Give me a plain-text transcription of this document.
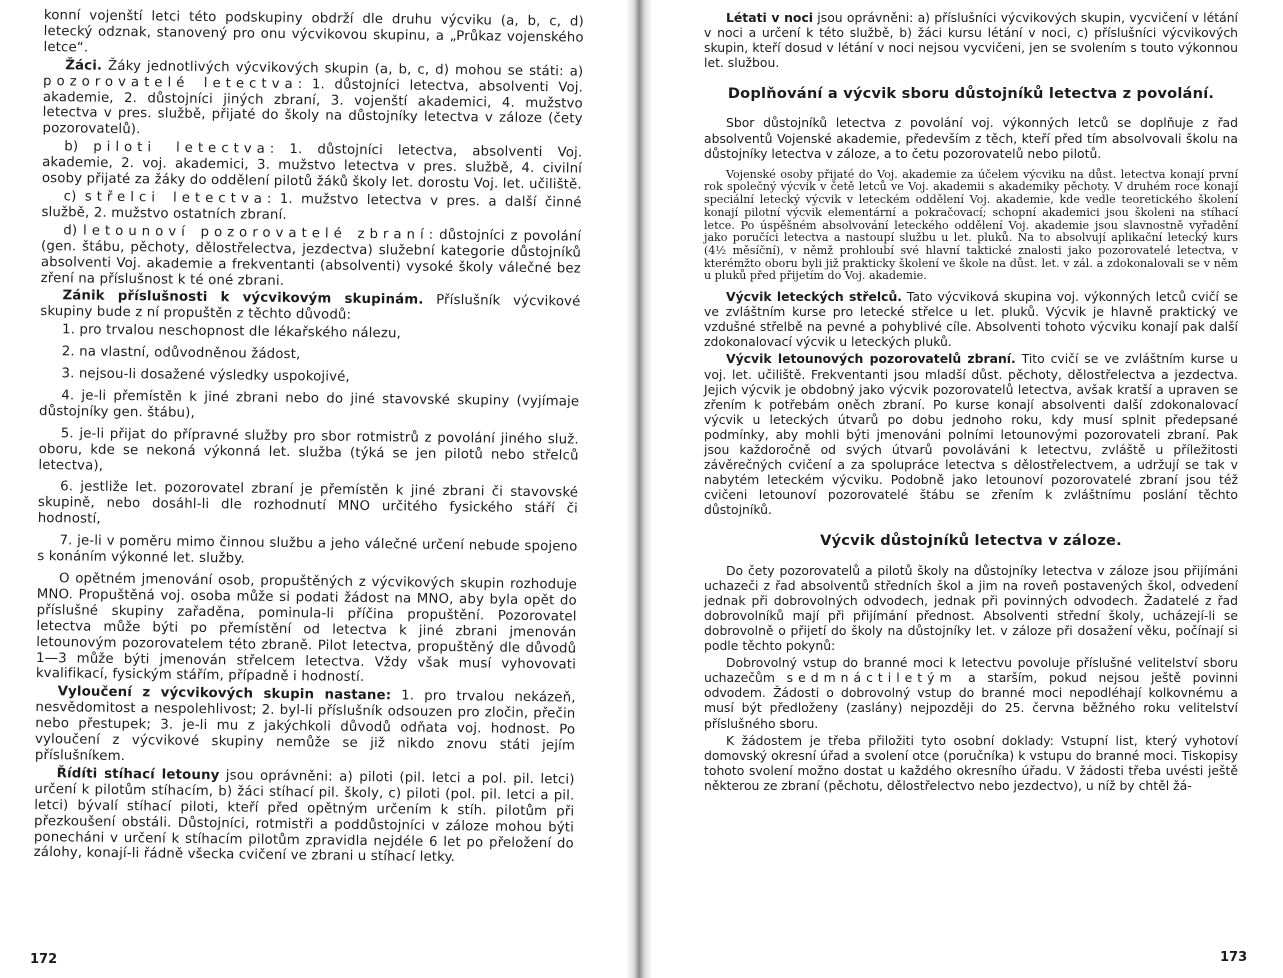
konní vojenští letci této podskupiny obdrží dle druhu výcviku (a, b, c, d) letecký odznak, stanovený pro onu výcvikovou skupinu, a „Průkaz vojenského letce“.

Žáci. Žáky jednotlivých výcvikových skupin (a, b, c, d) mohou se státi: a) pozorovatelé letectva: 1. důstojníci letectva, absolventi Voj. akademie, 2. důstojníci jiných zbraní, 3. vojenští akademici, 4. mužstvo letectva v pres. službě, přijaté do školy na důstojníky letectva v záloze (čety pozorovatelů).

b) piloti letectva: 1. důstojníci letectva, absolventi Voj. akademie, 2. voj. akademici, 3. mužstvo letectva v pres. službě, 4. civilní osoby přijaté za žáky do oddělení pilotů žáků školy let. dorostu Voj. let. učiliště.

c) střelci letectva: 1. mužstvo letectva v pres. a další činné službě, 2. mužstvo ostatních zbraní.

d) letounoví pozorovatelé zbraní: důstojníci z povolání (gen. štábu, pěchoty, dělostřelectva, jezdectva) služební kategorie důstojníků absolventi Voj. akademie a frekventanti (absolventi) vysoké školy válečné bez zření na příslušnost k té oné zbrani.

Zánik příslušnosti k výcvikovým skupinám. Příslušník výcvikové skupiny bude z ní propuštěn z těchto důvodů:

1. pro trvalou neschopnost dle lékařského nálezu,

2. na vlastní, odůvodněnou žádost,

3. nejsou-li dosažené výsledky uspokojivé,

4. je-li přemístěn k jiné zbrani nebo do jiné stavovské skupiny (vyjímaje důstojníky gen. štábu),

5. je-li přijat do přípravné služby pro sbor rotmistrů z povolání jiného služ. oboru, kde se nekoná výkonná let. služba (týká se jen pilotů nebo střelců letectva),

6. jestliže let. pozorovatel zbraní je přemístěn k jiné zbrani či stavovské skupině, nebo dosáhl-li dle rozhodnutí MNO určitého fysického stáří či hodností,

7. je-li v poměru mimo činnou službu a jeho válečné určení nebude spojeno s konáním výkonné let. služby.

O opětném jmenování osob, propuštěných z výcvikových skupin rozhoduje MNO. Propuštěná voj. osoba může si podati žádost na MNO, aby byla opět do příslušné skupiny zařaděna, pominula-li příčina propuštění. Pozorovatel letectva může býti po přemístění od letectva k jiné zbrani jmenován letounovým pozorovatelem této zbraně. Pilot letectva, propuštěný dle důvodů 1—3 může býti jmenován střelcem letectva. Vždy však musí vyhovovati kvalifikací, fysickým stářím, případně i hodností.

Vyloučení z výcvikových skupin nastane: 1. pro trvalou nekázeň, nesvědomitost a nespolehlivost; 2. byl-li příslušník odsouzen pro zločin, přečin nebo přestupek; 3. je-li mu z jakýchkoli důvodů odňata voj. hodnost. Po vyloučení z výcvikové skupiny nemůže se již nikdo znovu státi jejím příslušníkem.

Řídíti stíhací letouny jsou oprávněni: a) piloti (pil. letci a pol. pil. letci) určení k pilotům stíhacím, b) žáci stíhací pil. školy, c) piloti (pol. pil. letci a pil. letci) bývalí stíhací piloti, kteří před opětným určením k stíh. pilotům při přezkoušení obstáli. Důstojníci, rotmistři a poddůstojníci v záloze mohou býti ponecháni v určení k stíhacím pilotům zpravidla nejdéle 6 let po přeložení do zálohy, konají-li řádně všecka cvičení ve zbrani u stíhací letky.

172

Létati v noci jsou oprávněni: a) příslušníci výcvikových skupin, vycvičení v létání v noci a určení k této službě, b) žáci kursu létání v noci, c) příslušníci výcvikových skupin, kteří dosud v létání v noci nejsou vycvičeni, jen se svolením s touto výkonnou let. službou.

Doplňování a výcvik sboru důstojníků letectva z povolání.

Sbor důstojníků letectva z povolání voj. výkonných letců se doplňuje z řad absolventů Vojenské akademie, především z těch, kteří před tím absolvovali školu na důstojníky letectva v záloze, a to četu pozorovatelů nebo pilotů.

Vojenské osoby přijaté do Voj. akademie za účelem výcviku na důst. letectva konají první rok společný výcvik v četě letců ve Voj. akademii s akademiky pěchoty. V druhém roce konají speciální letecký výcvik v leteckém oddělení Voj. akademie, kde vedle teoretického školení konají pilotní výcvik elementární a pokračovací; schopní akademici jsou školeni na stíhací letce. Po úspěšném absolvování leteckého oddělení Voj. akademie jsou slavnostně vyřadění jako poručíci letectva a nastoupí službu u let. pluků. Na to absolvují aplikační letecký kurs (4½ měsíční), v němž prohloubí své hlavní taktické znalosti jako pozorovatelé letectva, v kterémžto oboru byli již prakticky školení ve škole na důst. let. v zál. a zdokonalovali se v něm u pluků před přijetím do Voj. akademie.

Výcvik leteckých střelců. Tato výcviková skupina voj. výkonných letců cvičí se ve zvláštním kurse pro letecké střelce u let. pluků. Výcvik je hlavně praktický ve vzdušné střelbě na pevné a pohyblivé cíle. Absolventi tohoto výcviku konají pak další zdokonalovací výcvik u leteckých pluků.

Výcvik letounových pozorovatelů zbraní. Tito cvičí se ve zvláštním kurse u voj. let. učiliště. Frekventanti jsou mladší důst. pěchoty, dělostřelectva a jezdectva. Jejich výcvik je obdobný jako výcvik pozorovatelů letectva, avšak kratší a upraven se zřením k potřebám oněch zbraní. Po kurse konají absolventi další zdokonalovací výcvik u leteckých útvarů po dobu jednoho roku, kdy musí splnit předepsané podmínky, aby mohli býti jmenováni polními letounovými pozorovateli zbraní. Pak jsou každoročně od svých útvarů povoláváni k letectvu, zvláště u příležitosti závěrečných cvičení a za spolupráce letectva s dělostřelectvem, a udržují se tak v nabytém leteckém výcviku. Podobně jako letounoví pozorovatelé zbraní jsou též cvičeni letounoví pozorovatelé štábu se zřením k zvláštnímu poslání těchto důstojníků.

Výcvik důstojníků letectva v záloze.

Do čety pozorovatelů a pilotů školy na důstojníky letectva v záloze jsou přijímáni uchazeči z řad absolventů středních škol a jim na roveň postavených škol, odvedení jednak při dobrovolných odvodech, jednak při povinných odvodech. Žadatelé z řad dobrovolníků mají při přijímání přednost. Absolventi střední školy, ucházejí-li se dobrovolně o přijetí do školy na důstojníky let. v záloze při dosažení věku, počínají si podle těchto pokynů:

Dobrovolný vstup do branné moci k letectvu povoluje příslušné velitelství sboru uchazečům sedmnáctiletým a starším, pokud nejsou ještě povinni odvodem. Žádosti o dobrovolný vstup do branné moci nepodléhají kolkovnému a musí být předloženy (zaslány) nejpozději do 25. června běžného roku velitelství příslušného sboru.

K žádostem je třeba přiložiti tyto osobní doklady: Vstupní list, který vyhotoví domovský okresní úřad a svolení otce (poručníka) k vstupu do branné moci. Tiskopisy tohoto svolení možno dostat u každého okresního úřadu. V žádosti třeba uvésti ještě některou ze zbraní (pěchotu, dělostřelectvo nebo jezdectvo), u níž by chtěl žá-

173
